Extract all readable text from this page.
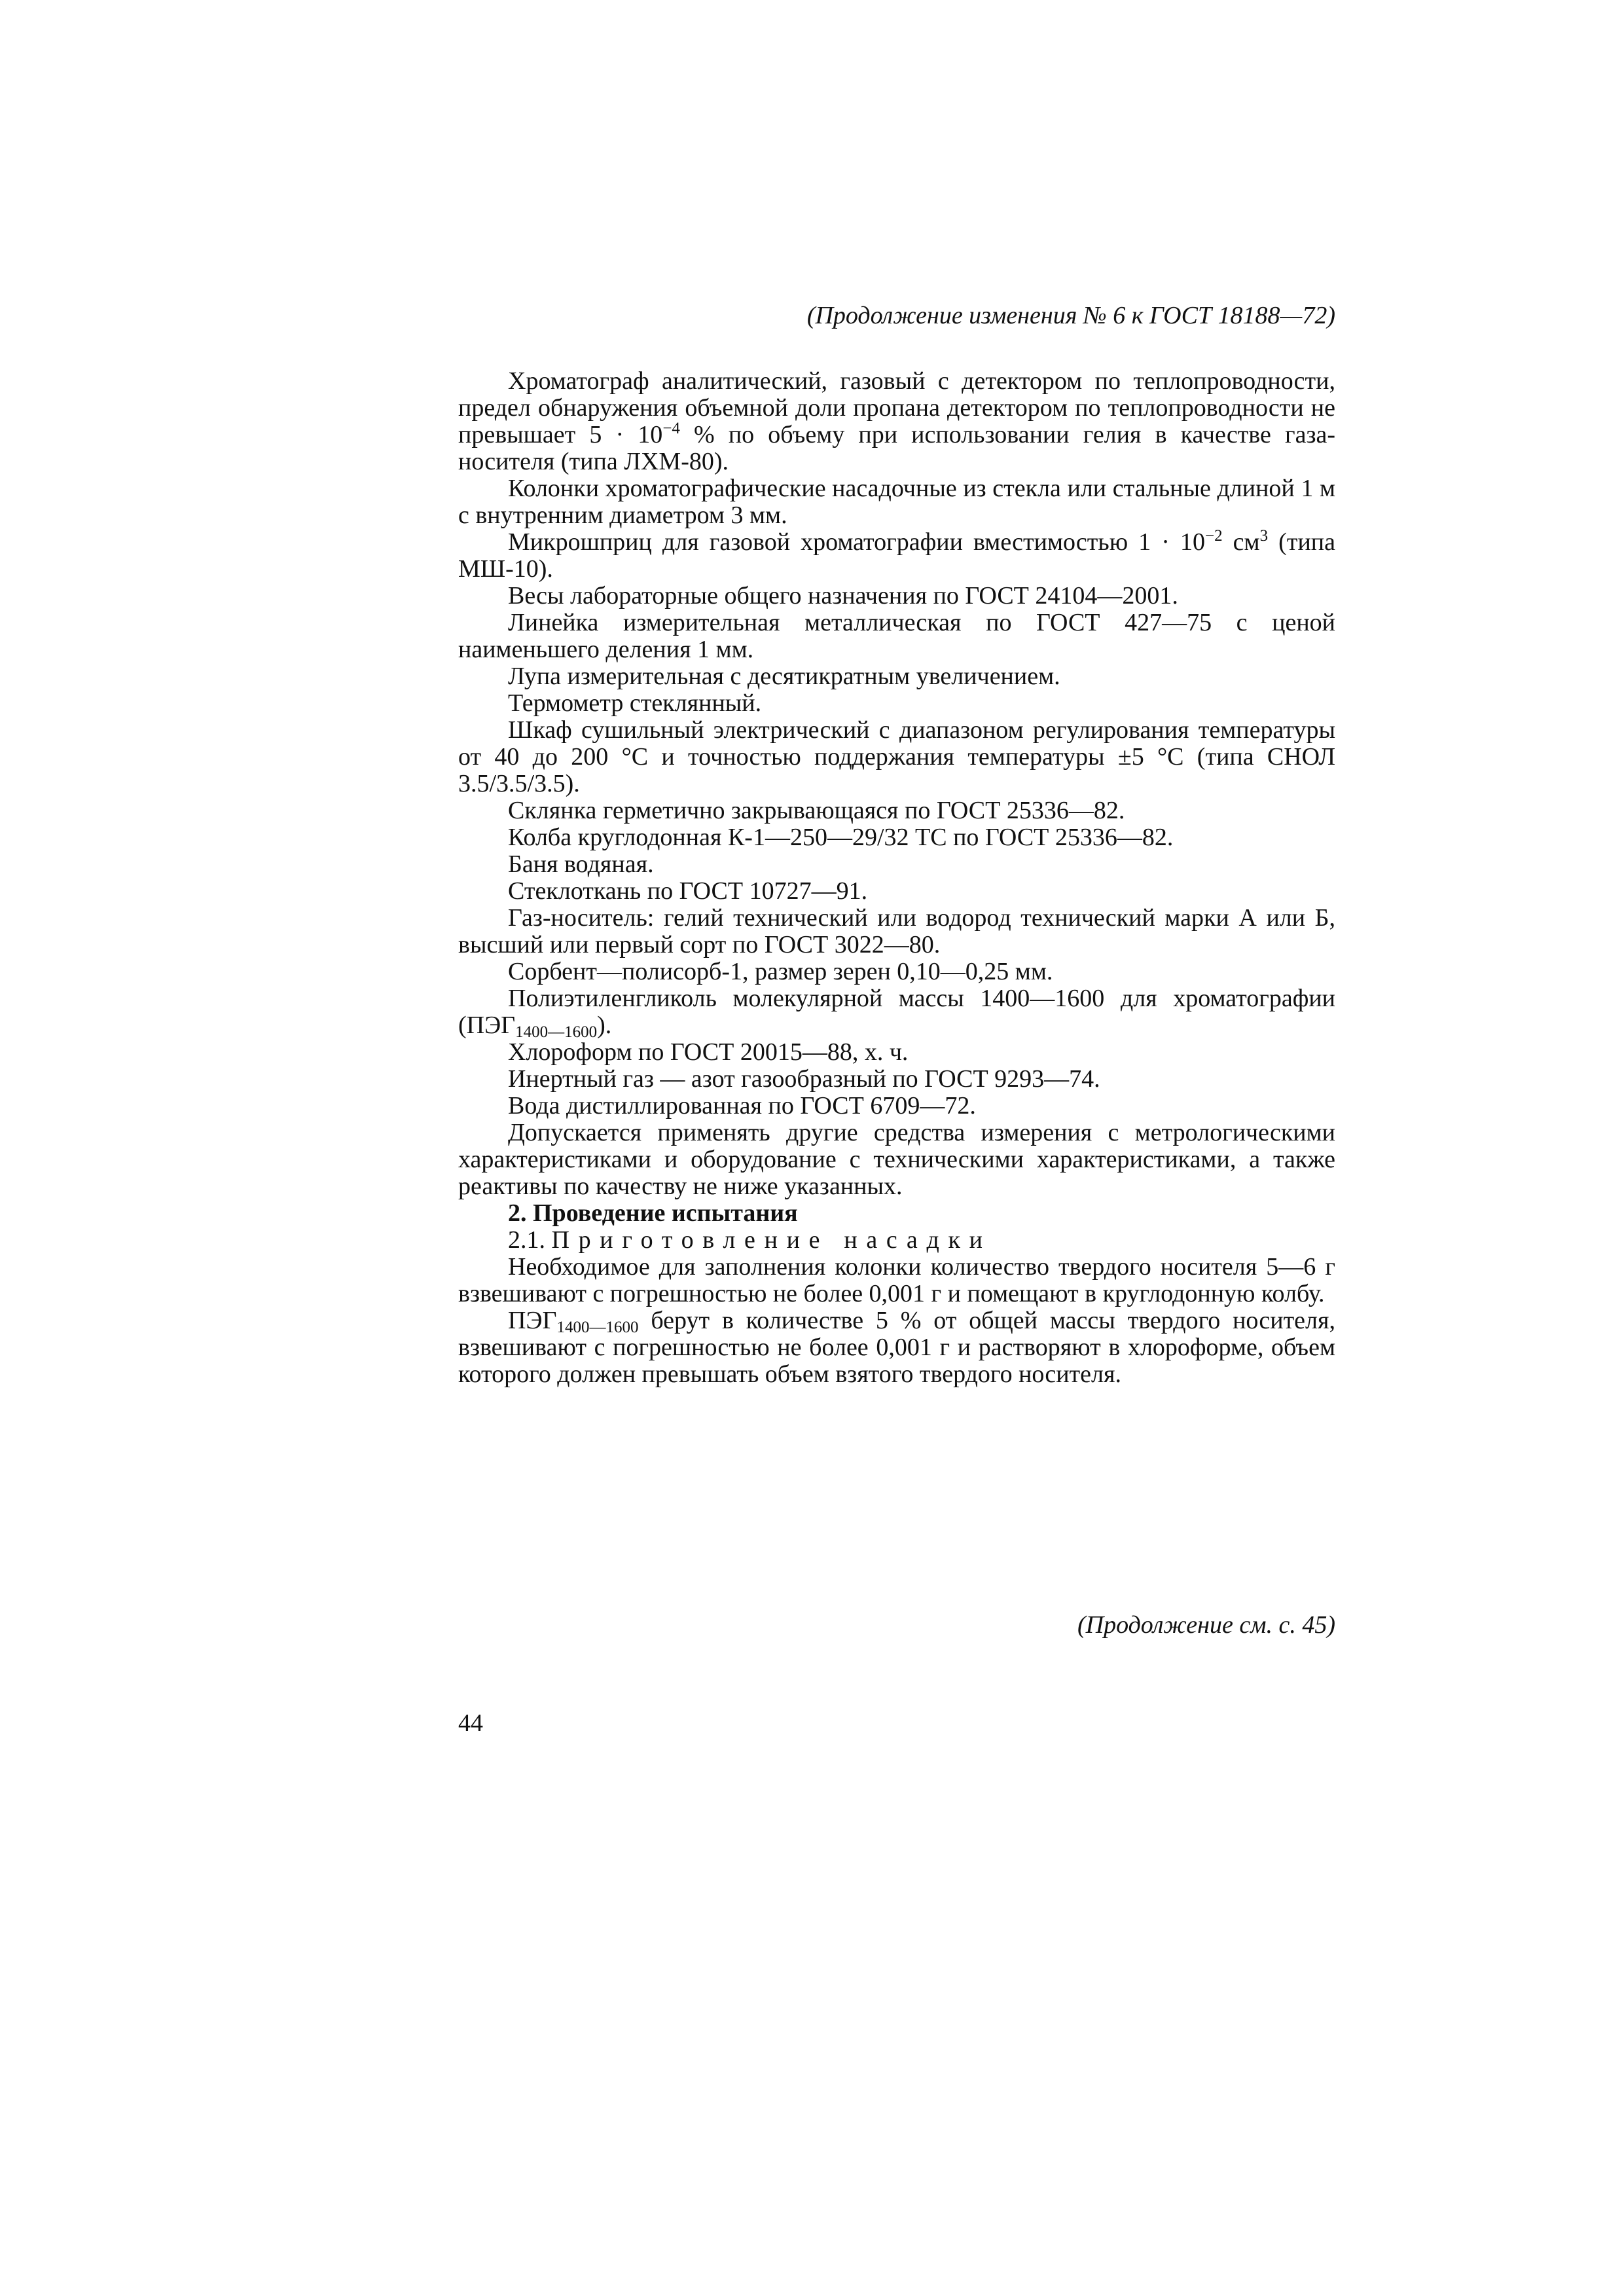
(Продолжение изменения № 6 к ГОСТ 18188—72)

Хроматограф аналитический, газовый с детектором по теплопроводности, предел обнаружения объемной доли пропана детектором по теплопроводности не превышает $5 \cdot 10^{-4}$ % по объему при использовании гелия в качестве газа-носителя (типа ЛХМ-80).

Колонки хроматографические насадочные из стекла или стальные длиной 1 м с внутренним диаметром 3 мм.

Микрошприц для газовой хроматографии вместимостью $1 \cdot 10^{-2}$ $см^3$ (типа МШ-10).

Весы лабораторные общего назначения по ГОСТ 24104—2001.

Линейка измерительная металлическая по ГОСТ 427—75 с ценой наименьшего деления 1 мм.

Лупа измерительная с десятикратным увеличением.

Термометр стеклянный.

Шкаф сушильный электрический с диапазоном регулирования температуры от 40 до 200 °С и точностью поддержания температуры ±5 °С (типа СНОЛ 3.5/3.5/3.5).

Склянка герметично закрывающаяся по ГОСТ 25336—82.

Колба круглодонная К-1—250—29/32 ТС по ГОСТ 25336—82.

Баня водяная.

Стеклоткань по ГОСТ 10727—91.

Газ-носитель: гелий технический или водород технический марки А или Б, высший или первый сорт по ГОСТ 3022—80.

Сорбент—полисорб-1, размер зерен 0,10—0,25 мм.

Полиэтиленгликоль молекулярной массы 1400—1600 для хроматографии $(ПЭГ_{1400—1600})$.

Хлороформ по ГОСТ 20015—88, х. ч.

Инертный газ — азот газообразный по ГОСТ 9293—74.

Вода дистиллированная по ГОСТ 6709—72.

Допускается применять другие средства измерения с метрологическими характеристиками и оборудование с техническими характеристиками, а также реактивы по качеству не ниже указанных.

2. Проведение испытания

2.1. Приготовление насадки

Необходимое для заполнения колонки количество твердого носителя 5—6 г взвешивают с погрешностью не более 0,001 г и помещают в круглодонную колбу.

$ПЭГ_{1400—1600}$ берут в количестве 5 % от общей массы твердого носителя, взвешивают с погрешностью не более 0,001 г и растворяют в хлороформе, объем которого должен превышать объем взятого твердого носителя.

(Продолжение см. с. 45)
44
